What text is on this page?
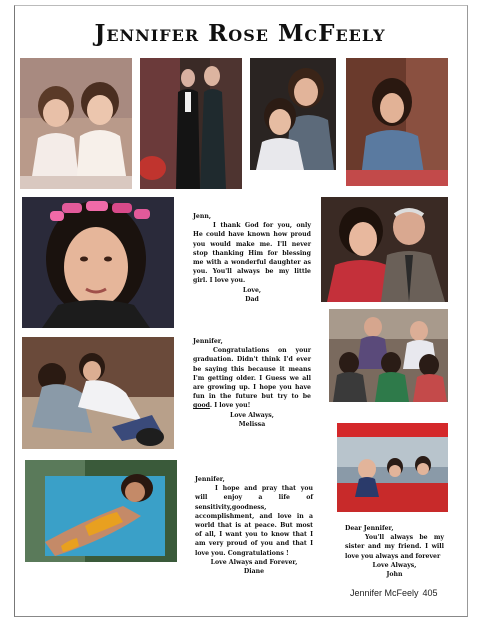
Jennifer Rose McFeely

Jenn,

I thank God for you, only He could have known how proud you would make me. I'll never stop thanking Him for blessing me with a wonderful daughter as you. You'll always be my little girl. I love you.

Love,

Dad

Jennifer,

Congratulations on your graduation. Didn't think I'd ever be saying this because it means I'm getting older. I Guess we all are growing up. I hope you have fun in the future but try to be good. I love you!

Love Always,

Melissa

Jennifer,

I hope and pray that you will enjoy a life of sensitivity,goodness, accomplishment, and love in a world that is at peace. But most of all, I want you to know that I am very proud of you and that I love you. Congratulations !

Love Always and Forever,

Diane

Dear Jennifer,

You'll always be my sister and my friend. I will love you always and forever

Love Always,

John

Jennifer McFeely 405
